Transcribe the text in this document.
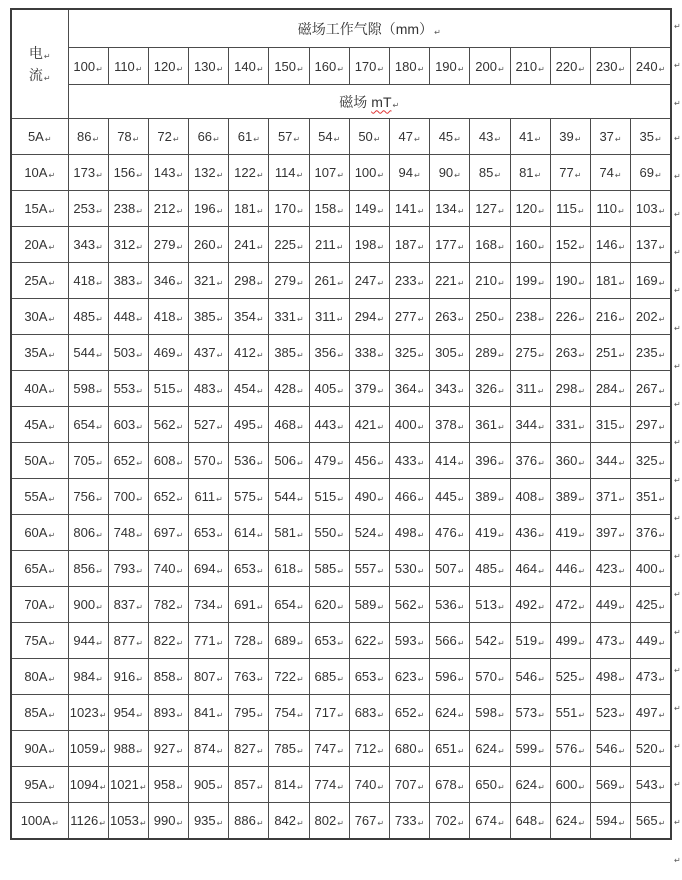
电↵
流↵	磁场工作气隙（mm）↵														
	100↵	110↵	120↵	130↵	140↵	150↵	160↵	170↵	180↵	190↵	200↵	210↵	220↵	230↵	240↵
	磁场 mT↵														
5A↵	86↵	78↵	72↵	66↵	61↵	57↵	54↵	50↵	47↵	45↵	43↵	41↵	39↵	37↵	35↵
10A↵	173↵	156↵	143↵	132↵	122↵	114↵	107↵	100↵	94↵	90↵	85↵	81↵	77↵	74↵	69↵
15A↵	253↵	238↵	212↵	196↵	181↵	170↵	158↵	149↵	141↵	134↵	127↵	120↵	115↵	110↵	103↵
20A↵	343↵	312↵	279↵	260↵	241↵	225↵	211↵	198↵	187↵	177↵	168↵	160↵	152↵	146↵	137↵
25A↵	418↵	383↵	346↵	321↵	298↵	279↵	261↵	247↵	233↵	221↵	210↵	199↵	190↵	181↵	169↵
30A↵	485↵	448↵	418↵	385↵	354↵	331↵	311↵	294↵	277↵	263↵	250↵	238↵	226↵	216↵	202↵
35A↵	544↵	503↵	469↵	437↵	412↵	385↵	356↵	338↵	325↵	305↵	289↵	275↵	263↵	251↵	235↵
40A↵	598↵	553↵	515↵	483↵	454↵	428↵	405↵	379↵	364↵	343↵	326↵	311↵	298↵	284↵	267↵
45A↵	654↵	603↵	562↵	527↵	495↵	468↵	443↵	421↵	400↵	378↵	361↵	344↵	331↵	315↵	297↵
50A↵	705↵	652↵	608↵	570↵	536↵	506↵	479↵	456↵	433↵	414↵	396↵	376↵	360↵	344↵	325↵
55A↵	756↵	700↵	652↵	611↵	575↵	544↵	515↵	490↵	466↵	445↵	389↵	408↵	389↵	371↵	351↵
60A↵	806↵	748↵	697↵	653↵	614↵	581↵	550↵	524↵	498↵	476↵	419↵	436↵	419↵	397↵	376↵
65A↵	856↵	793↵	740↵	694↵	653↵	618↵	585↵	557↵	530↵	507↵	485↵	464↵	446↵	423↵	400↵
70A↵	900↵	837↵	782↵	734↵	691↵	654↵	620↵	589↵	562↵	536↵	513↵	492↵	472↵	449↵	425↵
75A↵	944↵	877↵	822↵	771↵	728↵	689↵	653↵	622↵	593↵	566↵	542↵	519↵	499↵	473↵	449↵
80A↵	984↵	916↵	858↵	807↵	763↵	722↵	685↵	653↵	623↵	596↵	570↵	546↵	525↵	498↵	473↵
85A↵	1023↵	954↵	893↵	841↵	795↵	754↵	717↵	683↵	652↵	624↵	598↵	573↵	551↵	523↵	497↵
90A↵	1059↵	988↵	927↵	874↵	827↵	785↵	747↵	712↵	680↵	651↵	624↵	599↵	576↵	546↵	520↵
95A↵	1094↵	1021↵	958↵	905↵	857↵	814↵	774↵	740↵	707↵	678↵	650↵	624↵	600↵	569↵	543↵
100A↵	1126↵	1053↵	990↵	935↵	886↵	842↵	802↵	767↵	733↵	702↵	674↵	648↵	624↵	594↵	565↵
↵
↵
↵
↵
↵
↵
↵
↵
↵
↵
↵
↵
↵
↵
↵
↵
↵
↵
↵
↵
↵
↵
↵
